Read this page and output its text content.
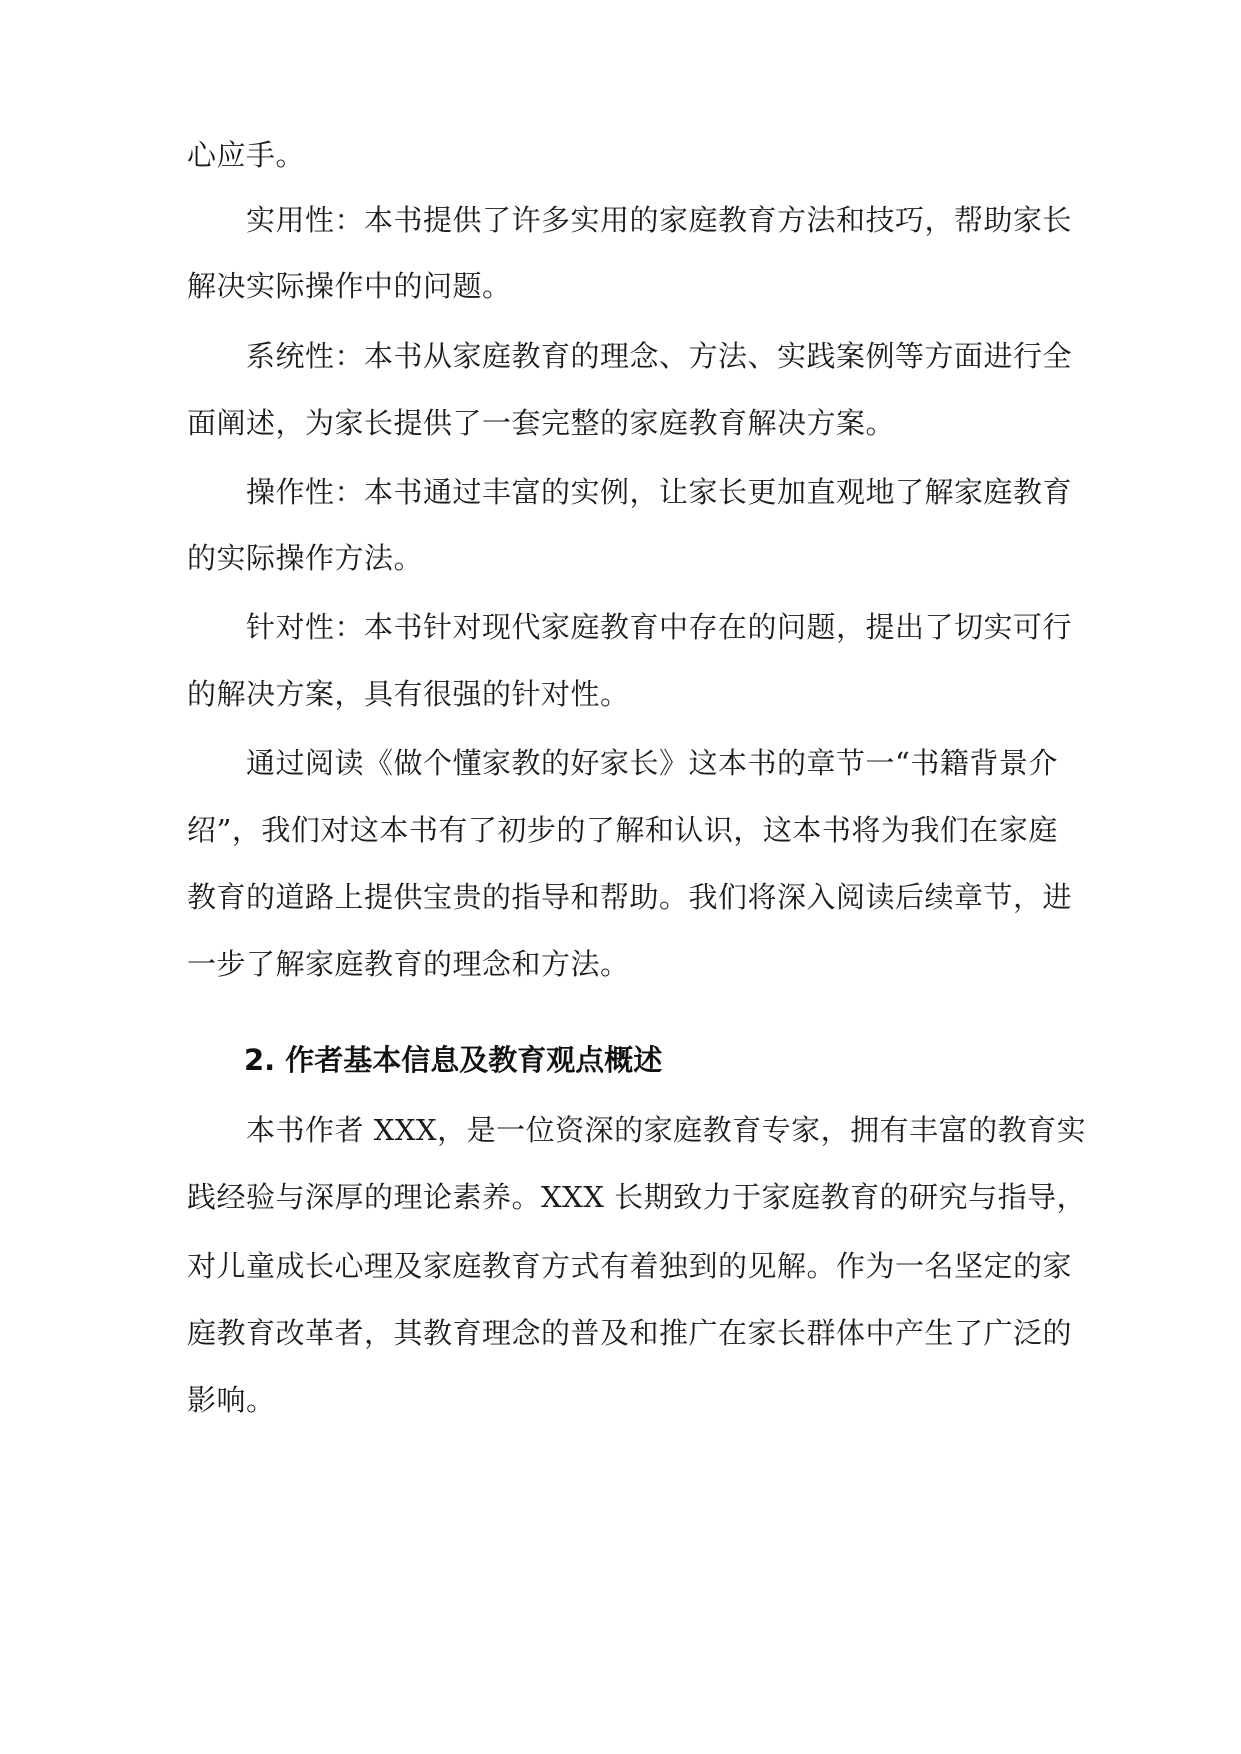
心应手。

实用性：本书提供了许多实用的家庭教育方法和技巧，帮助家长

解决实际操作中的问题。

系统性：本书从家庭教育的理念、方法、实践案例等方面进行全

面阐述，为家长提供了一套完整的家庭教育解决方案。

操作性：本书通过丰富的实例，让家长更加直观地了解家庭教育

的实际操作方法。

针对性：本书针对现代家庭教育中存在的问题，提出了切实可行

的解决方案，具有很强的针对性。

通过阅读《做个懂家教的好家长》这本书的章节一“书籍背景介

绍”，我们对这本书有了初步的了解和认识，这本书将为我们在家庭

教育的道路上提供宝贵的指导和帮助。我们将深入阅读后续章节，进

一步了解家庭教育的理念和方法。

2. 作者基本信息及教育观点概述

本书作者 XXX，是一位资深的家庭教育专家，拥有丰富的教育实

践经验与深厚的理论素养。XXX 长期致力于家庭教育的研究与指导，

对儿童成长心理及家庭教育方式有着独到的见解。作为一名坚定的家

庭教育改革者，其教育理念的普及和推广在家长群体中产生了广泛的

影响。
